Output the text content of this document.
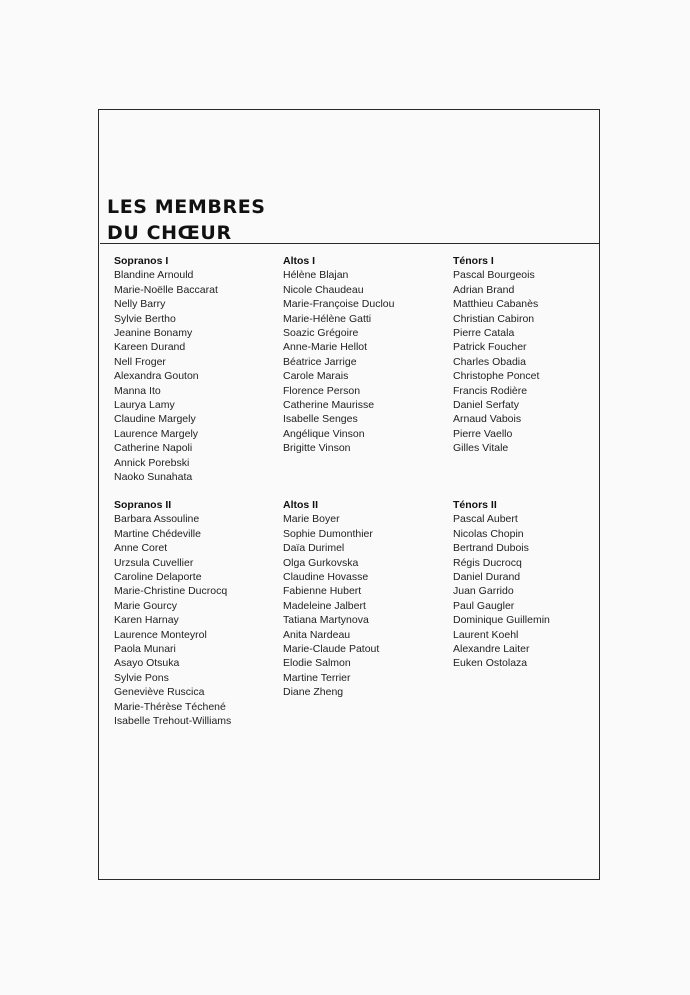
LES MEMBRES
DU CHŒUR
Sopranos I
Blandine Arnould
Marie-Noëlle Baccarat
Nelly Barry
Sylvie Bertho
Jeanine Bonamy
Kareen Durand
Nell Froger
Alexandra Gouton
Manna Ito
Laurya Lamy
Claudine Margely
Laurence Margely
Catherine Napoli
Annick Porebski
Naoko Sunahata
Altos I
Hélène Blajan
Nicole Chaudeau
Marie-Françoise Duclou
Marie-Hélène Gatti
Soazic Grégoire
Anne-Marie Hellot
Béatrice Jarrige
Carole Marais
Florence Person
Catherine Maurisse
Isabelle Senges
Angélique Vinson
Brigitte Vinson
Ténors I
Pascal Bourgeois
Adrian Brand
Matthieu Cabanès
Christian Cabiron
Pierre Catala
Patrick Foucher
Charles Obadia
Christophe Poncet
Francis Rodière
Daniel Serfaty
Arnaud Vabois
Pierre Vaello
Gilles Vitale
Sopranos II
Barbara Assouline
Martine Chédeville
Anne Coret
Urzsula Cuvellier
Caroline Delaporte
Marie-Christine Ducrocq
Marie Gourcy
Karen Harnay
Laurence Monteyrol
Paola Munari
Asayo Otsuka
Sylvie Pons
Geneviève Ruscica
Marie-Thérèse Téchené
Isabelle Trehout-Williams
Altos II
Marie Boyer
Sophie Dumonthier
Daïa Durimel
Olga Gurkovska
Claudine Hovasse
Fabienne Hubert
Madeleine Jalbert
Tatiana Martynova
Anita Nardeau
Marie-Claude Patout
Elodie Salmon
Martine Terrier
Diane Zheng
Ténors II
Pascal Aubert
Nicolas Chopin
Bertrand Dubois
Régis Ducrocq
Daniel Durand
Juan Garrido
Paul Gaugler
Dominique Guillemin
Laurent Koehl
Alexandre Laiter
Euken Ostolaza
